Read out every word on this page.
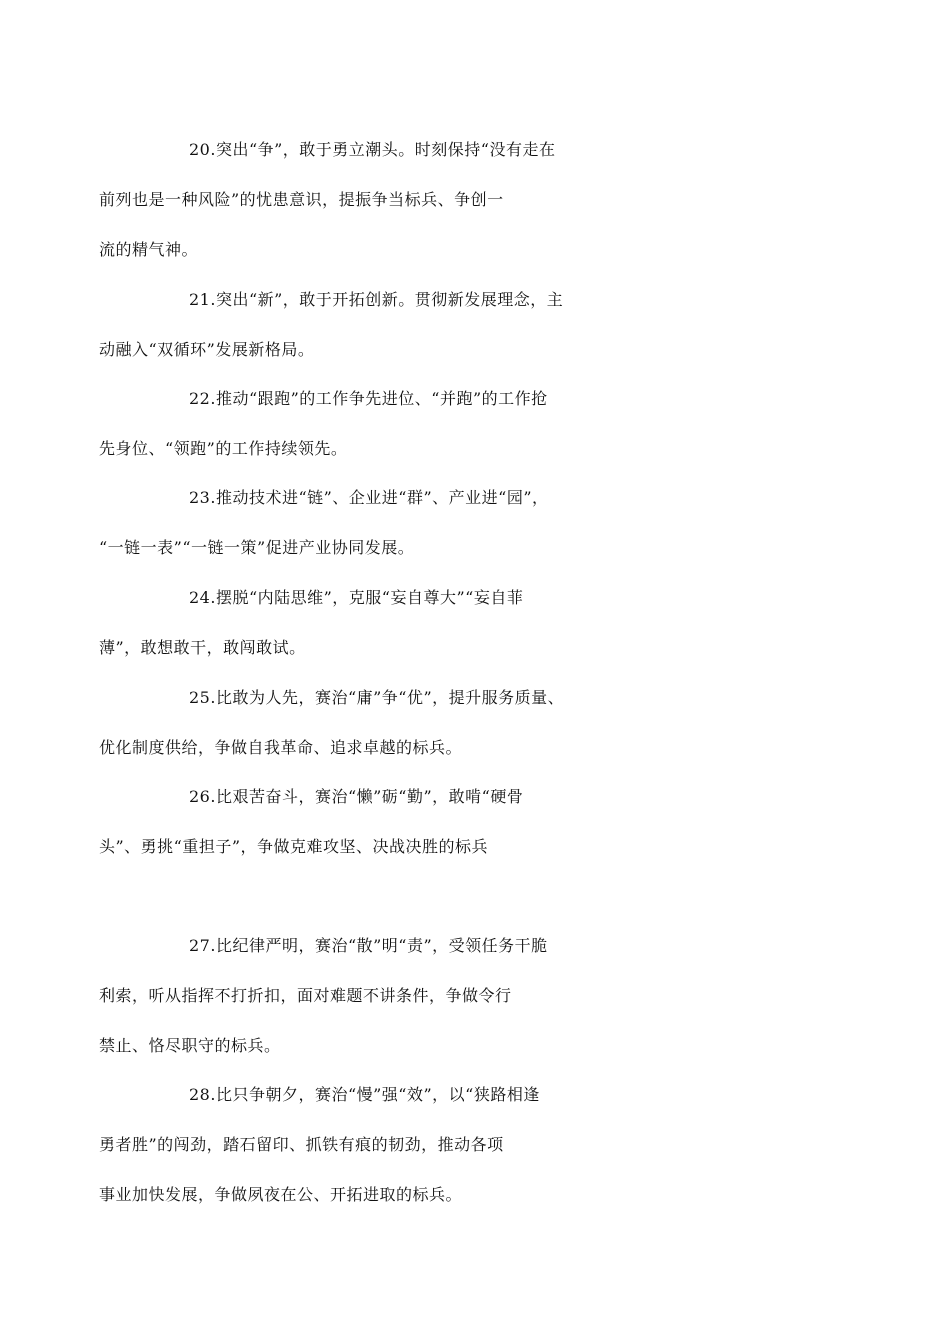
20.突出“争”，敢于勇立潮头。时刻保持“没有走在
前列也是一种风险”的忧患意识，提振争当标兵、争创一
流的精气神。

21.突出“新”，敢于开拓创新。贯彻新发展理念，主
动融入“双循环”发展新格局。

22.推动“跟跑”的工作争先进位、“并跑”的工作抢
先身位、“领跑”的工作持续领先。

23.推动技术进“链”、企业进“群”、产业进“园”，
“一链一表”“一链一策”促进产业协同发展。

24.摆脱“内陆思维”，克服“妄自尊大”“妄自菲
薄”，敢想敢干，敢闯敢试。

25.比敢为人先，赛治“庸”争“优”，提升服务质量、
优化制度供给，争做自我革命、追求卓越的标兵。

26.比艰苦奋斗，赛治“懒”砺“勤”，敢啃“硬骨
头”、勇挑“重担子”，争做克难攻坚、决战决胜的标兵

27.比纪律严明，赛治“散”明“责”，受领任务干脆
利索，听从指挥不打折扣，面对难题不讲条件，争做令行
禁止、恪尽职守的标兵。

28.比只争朝夕，赛治“慢”强“效”，以“狭路相逢
勇者胜”的闯劲，踏石留印、抓铁有痕的韧劲，推动各项
事业加快发展，争做夙夜在公、开拓进取的标兵。
